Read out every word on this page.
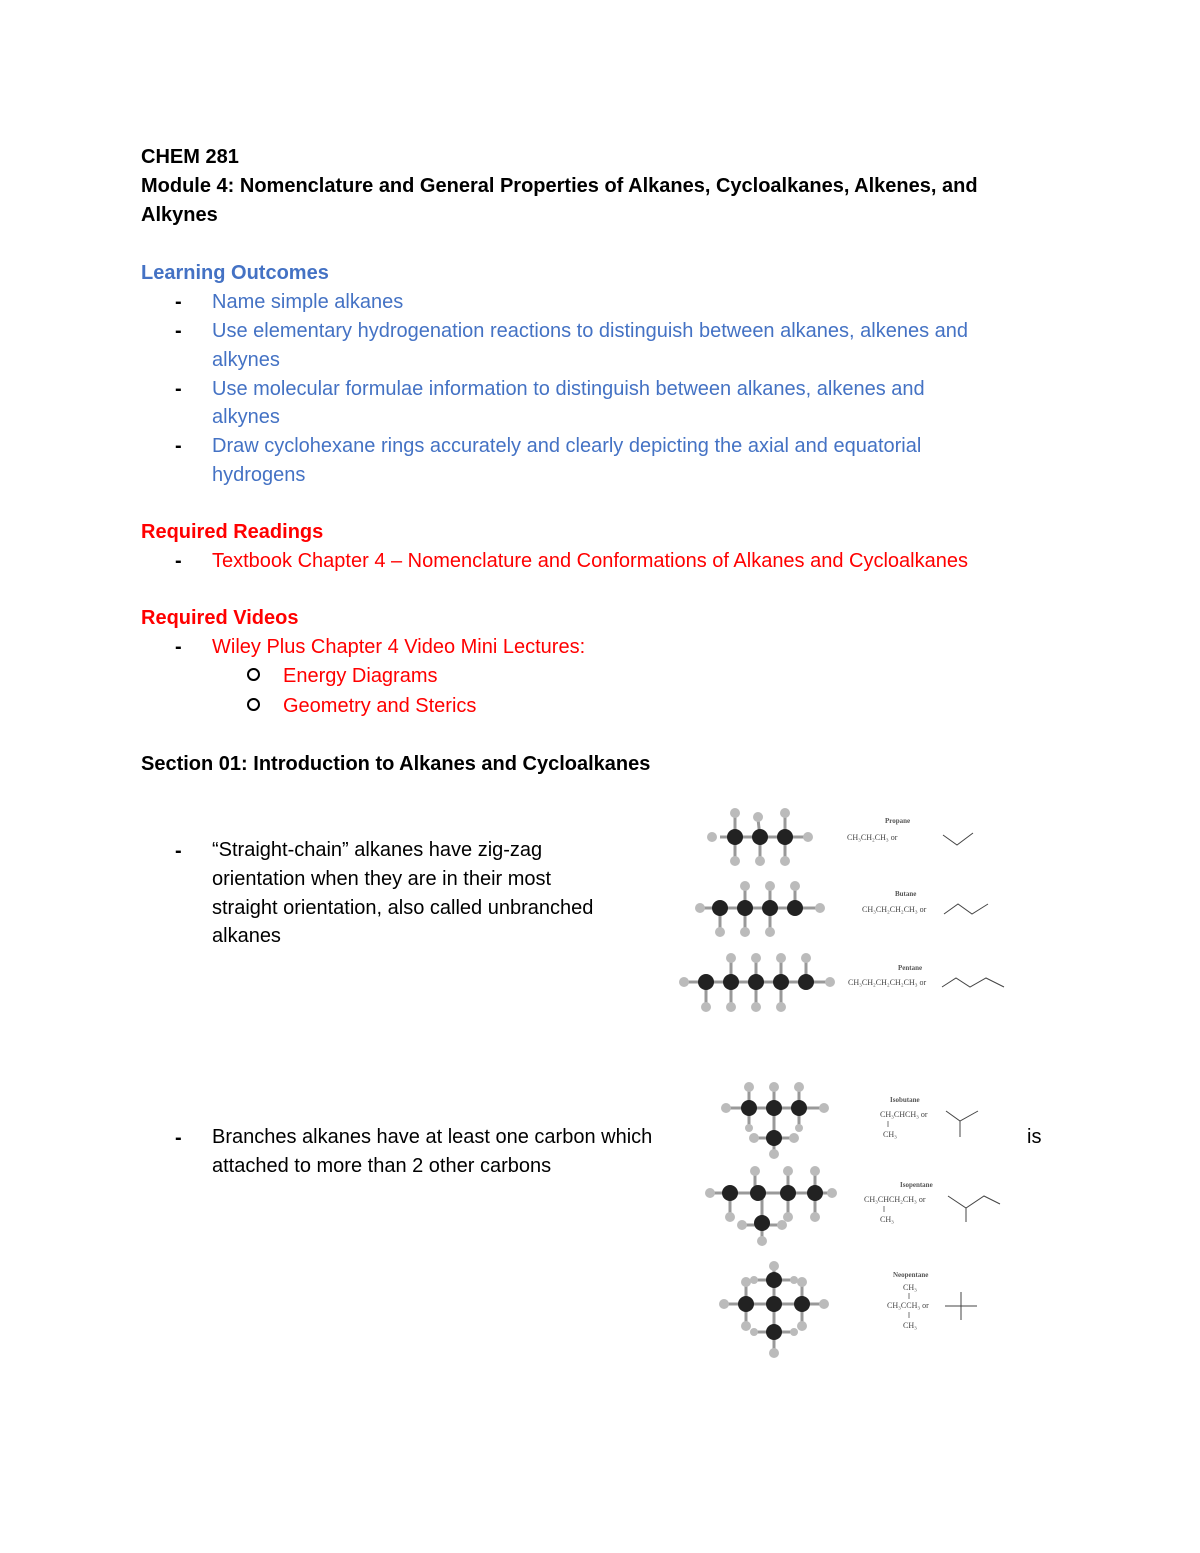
CHEM 281
Module 4: Nomenclature and General Properties of Alkanes, Cycloalkanes, Alkenes, and
Alkynes
Learning Outcomes
- Name simple alkanes
- Use elementary hydrogenation reactions to distinguish between alkanes, alkenes and
alkynes
- Use molecular formulae information to distinguish between alkanes, alkenes and
alkynes
- Draw cyclohexane rings accurately and clearly depicting the axial and equatorial
hydrogens
Required Readings
- Textbook Chapter 4 – Nomenclature and Conformations of Alkanes and Cycloalkanes
Required Videos
- Wiley Plus Chapter 4 Video Mini Lectures:
Energy Diagrams
Geometry and Sterics
Section 01: Introduction to Alkanes and Cycloalkanes
- “Straight-chain” alkanes have zig-zag
orientation when they are in their most
straight orientation, also called unbranched
alkanes
- Branches alkanes have at least one carbon which
attached to more than 2 other carbons
is
Propane
CH₃CH₂CH₃ or
Butane
CH₃CH₂CH₂CH₃ or
Pentane
CH₃CH₂CH₂CH₂CH₃ or
Isobutane
CH₃CHCH₃ or
CH₃
Isopentane
CH₃CHCH₂CH₃ or
CH₃
Neopentane
CH₃
CH₃CCH₃ or
CH₃
